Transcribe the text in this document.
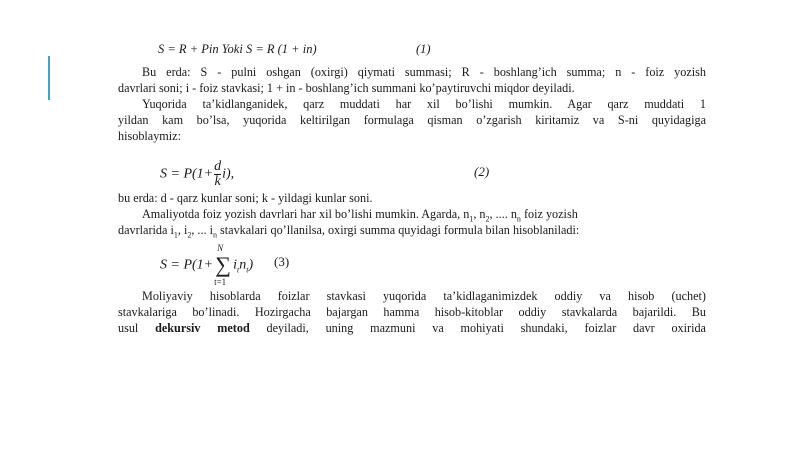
S = R + Pin Yoki S = R (1 + in)	(1)
Bu erda: S - pulni oshgan (oxirgi) qiymati summasi; R - boshlang’ich summa; n - foiz yozish
davrlari soni; i - foiz stavkasi; 1 + in - boshlang’ich summani ko’paytiruvchi miqdor deyiladi.
Yuqorida ta’kidlanganidek, qarz muddati har xil bo’lishi mumkin. Agar qarz muddati 1
yildan kam bo’lsa, yuqorida keltirilgan formulaga qisman o’zgarish kiritamiz va S-ni quyidagiga
hisoblaymiz:
$S = P(1+ \frac{d}{k} i)$,	(2)
bu erda: d - qarz kunlar soni; k - yildagi kunlar soni.
Amaliyotda foiz yozish davrlari har xil bo’lishi mumkin. Agarda, $n_1$, $n_2$, .... $n_n$ foiz yozish
davrlarida $i_1$, $i_2$, ... $i_n$ stavkalari qo’llanilsa, oxirgi summa quyidagi formula bilan hisoblaniladi:
S = P(1+
N
∑
t=1
$i_tn_t$) (3)
Moliyaviy hisoblarda foizlar stavkasi yuqorida ta’kidlaganimizdek oddiy va hisob (uchet)
stavkalariga bo’linadi. Hozirgacha bajargan hamma hisob-kitoblar oddiy stavkalarda bajarildi. Bu
usul dekursiv metod deyiladi, uning mazmuni va mohiyati shundaki, foizlar davr oxirida
